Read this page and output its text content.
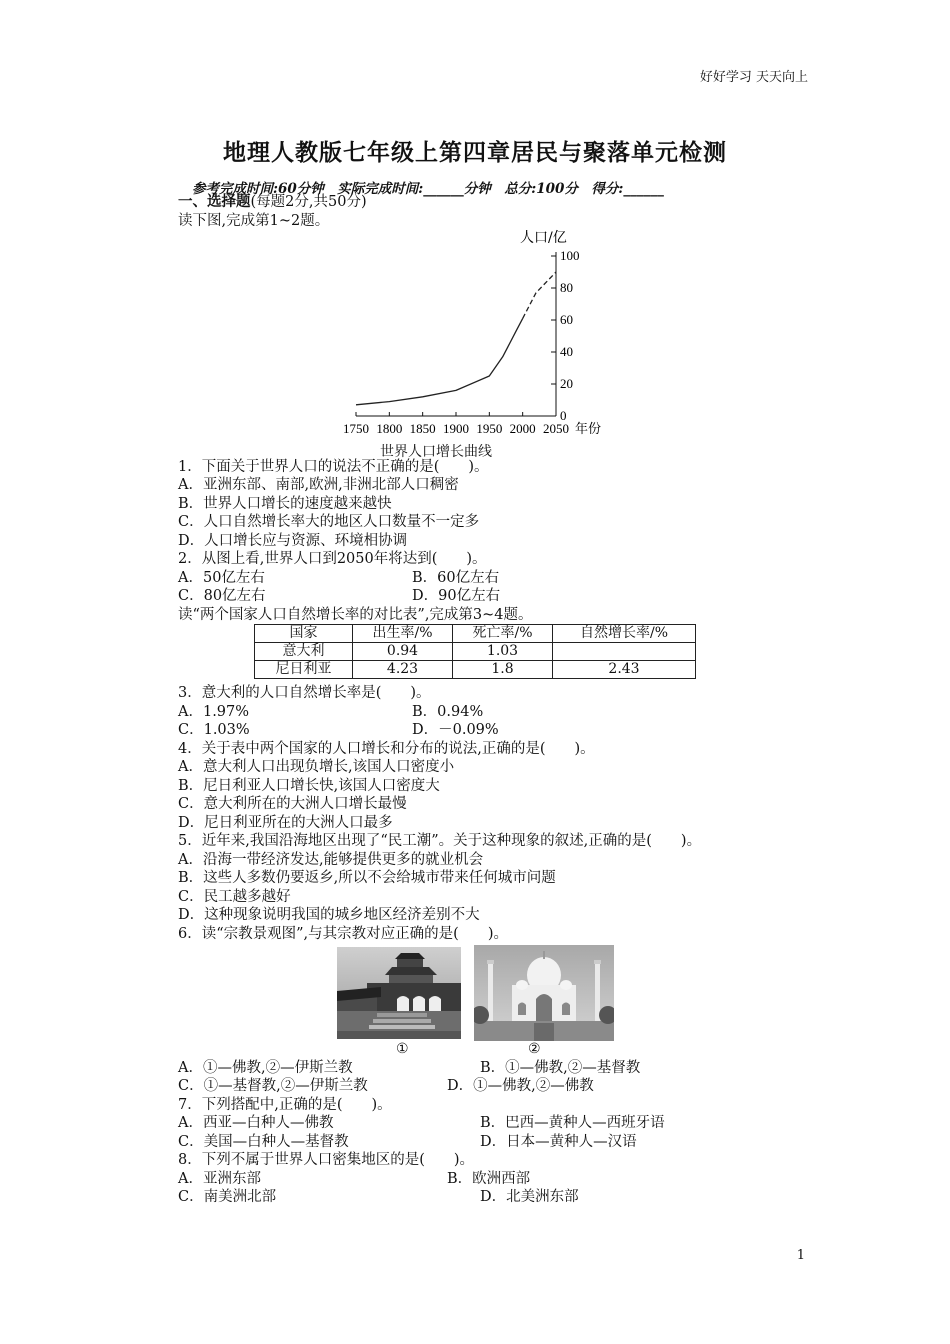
好好学习 天天向上
地理人教版七年级上第四章居民与聚落单元检测
参考完成时间:60分钟　实际完成时间:______分钟　总分:100分　得分:______
一、选择题(每题2分,共50分)
读下图,完成第1~2题。
1750 1800 1850 1900 1950 2000 2050
0
20
40
60
80
100
人口/亿
年份
世界人口增长曲线
1．下面关于世界人口的说法不正确的是(　　)。
A．亚洲东部、南部,欧洲,非洲北部人口稠密
B．世界人口增长的速度越来越快
C．人口自然增长率大的地区人口数量不一定多
D．人口增长应与资源、环境相协调
2．从图上看,世界人口到2050年将达到(　　)。
A．50亿左右	B．60亿左右
C．80亿左右	D．90亿左右
读“两个国家人口自然增长率的对比表”,完成第3~4题。
国家	出生率/%	死亡率/%	自然增长率/%
意大利	0.94	1.03	
尼日利亚	4.23	1.8	2.43
3．意大利的人口自然增长率是(　　)。
A．1.97%	B．0.94%
C．1.03%	D．－0.09%
4．关于表中两个国家的人口增长和分布的说法,正确的是(　　)。
A．意大利人口出现负增长,该国人口密度小
B．尼日利亚人口增长快,该国人口密度大
C．意大利所在的大洲人口增长最慢
D．尼日利亚所在的大洲人口最多
5．近年来,我国沿海地区出现了“民工潮”。关于这种现象的叙述,正确的是(　　)。
A．沿海一带经济发达,能够提供更多的就业机会
B．这些人多数仍要返乡,所以不会给城市带来任何城市问题
C．民工越多越好
D．这种现象说明我国的城乡地区经济差别不大
6．读“宗教景观图”,与其宗教对应正确的是(　　)。
①	②
A．①—佛教,②—伊斯兰教	B．①—佛教,②—基督教
C．①—基督教,②—伊斯兰教	D．①—佛教,②—佛教
7．下列搭配中,正确的是(　　)。
A．西亚—白种人—佛教	B．巴西—黄种人—西班牙语
C．美国—白种人—基督教	D．日本—黄种人—汉语
8．下列不属于世界人口密集地区的是(　　)。
A．亚洲东部	B．欧洲西部
C．南美洲北部	D．北美洲东部
1
